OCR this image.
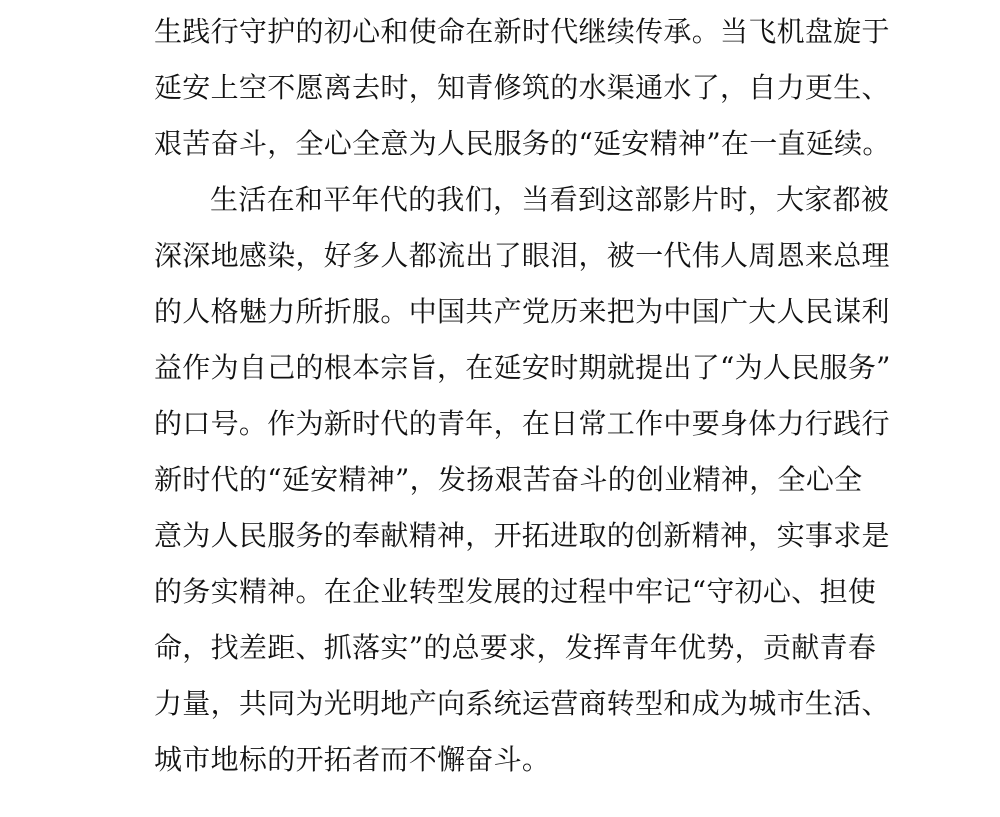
生践行守护的初心和使命在新时代继续传承。当飞机盘旋于
延安上空不愿离去时，知青修筑的水渠通水了，自力更生、
艰苦奋斗，全心全意为人民服务的“延安精神”在一直延续。
生活在和平年代的我们，当看到这部影片时，大家都被
深深地感染，好多人都流出了眼泪，被一代伟人周恩来总理
的人格魅力所折服。中国共产党历来把为中国广大人民谋利
益作为自己的根本宗旨，在延安时期就提出了“为人民服务”
的口号。作为新时代的青年，在日常工作中要身体力行践行
新时代的“延安精神”，发扬艰苦奋斗的创业精神，全心全
意为人民服务的奉献精神，开拓进取的创新精神，实事求是
的务实精神。在企业转型发展的过程中牢记“守初心、担使
命，找差距、抓落实”的总要求，发挥青年优势，贡献青春
力量，共同为光明地产向系统运营商转型和成为城市生活、
城市地标的开拓者而不懈奋斗。
